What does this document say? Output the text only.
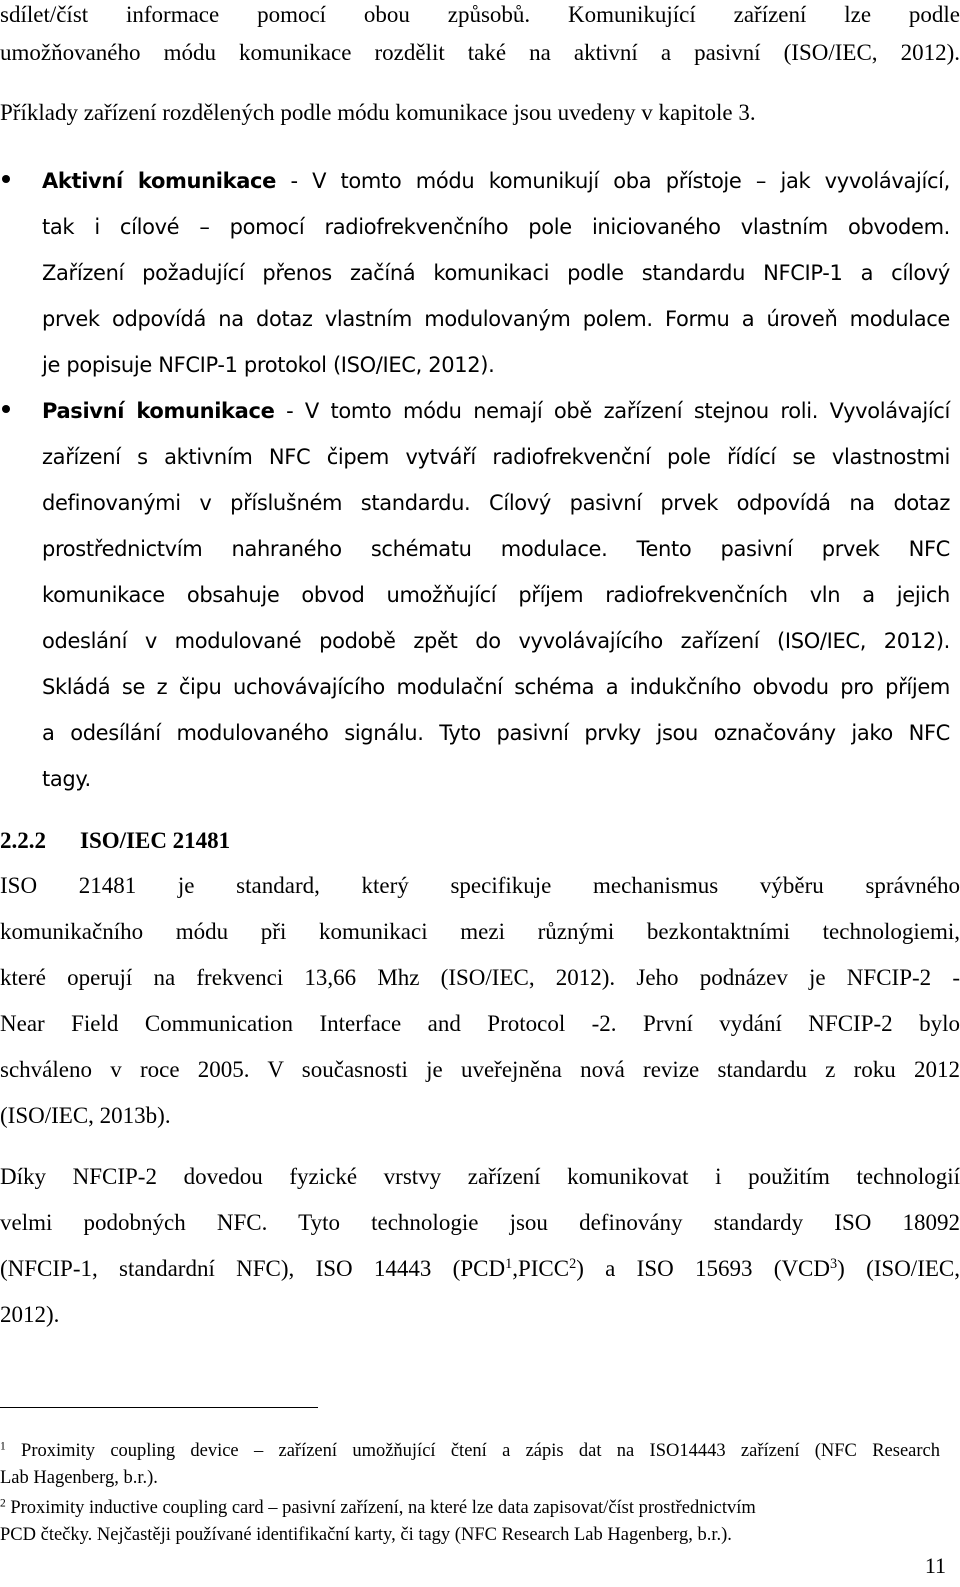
sdílet/číst informace pomocí obou způsobů. Komunikující zařízení lze podle
umožňovaného módu komunikace rozdělit také na aktivní a pasivní (ISO/IEC, 2012).
Příklady zařízení rozdělených podle módu komunikace jsou uvedeny v kapitole 3.
Aktivní komunikace - V tomto módu komunikují oba přístoje – jak vyvolávající,
tak i cílové – pomocí radiofrekvenčního pole iniciovaného vlastním obvodem.
Zařízení požadující přenos začíná komunikaci podle standardu NFCIP-1 a cílový
prvek odpovídá na dotaz vlastním modulovaným polem. Formu a úroveň modulace
je popisuje NFCIP-1 protokol (ISO/IEC, 2012).
Pasivní komunikace - V tomto módu nemají obě zařízení stejnou roli. Vyvolávající
zařízení s aktivním NFC čipem vytváří radiofrekvenční pole řídící se vlastnostmi
definovanými v příslušném standardu. Cílový pasivní prvek odpovídá na dotaz
prostřednictvím nahraného schématu modulace. Tento pasivní prvek NFC
komunikace obsahuje obvod umožňující příjem radiofrekvenčních vln a jejich
odeslání v modulované podobě zpět do vyvolávajícího zařízení (ISO/IEC, 2012).
Skládá se z čipu uchovávajícího modulační schéma a indukčního obvodu pro příjem
a odesílání modulovaného signálu. Tyto pasivní prvky jsou označovány jako NFC
tagy.
2.2.2 ISO/IEC 21481
ISO 21481 je standard, který specifikuje mechanismus výběru správného
komunikačního módu při komunikaci mezi různými bezkontaktními technologiemi,
které operují na frekvenci 13,66 Mhz (ISO/IEC, 2012). Jeho podnázev je NFCIP-2 -
Near Field Communication Interface and Protocol -2. První vydání NFCIP-2 bylo
schváleno v roce 2005. V současnosti je uveřejněna nová revize standardu z roku 2012
(ISO/IEC, 2013b).
Díky NFCIP-2 dovedou fyzické vrstvy zařízení komunikovat i použitím technologií
velmi podobných NFC. Tyto technologie jsou definovány standardy ISO 18092
(NFCIP-1, standardní NFC), ISO 14443 (PCD$^1$,PICC$^2$) a ISO 15693 (VCD$^3$) (ISO/IEC,
2012).
$^1$ Proximity coupling device – zařízení umožňující čtení a zápis dat na ISO14443 zařízení (NFC Research
Lab Hagenberg, b.r.).
$^2$ Proximity inductive coupling card – pasivní zařízení, na které lze data zapisovat/číst prostřednictvím
PCD čtečky. Nejčastěji používané identifikační karty, či tagy (NFC Research Lab Hagenberg, b.r.).
11
